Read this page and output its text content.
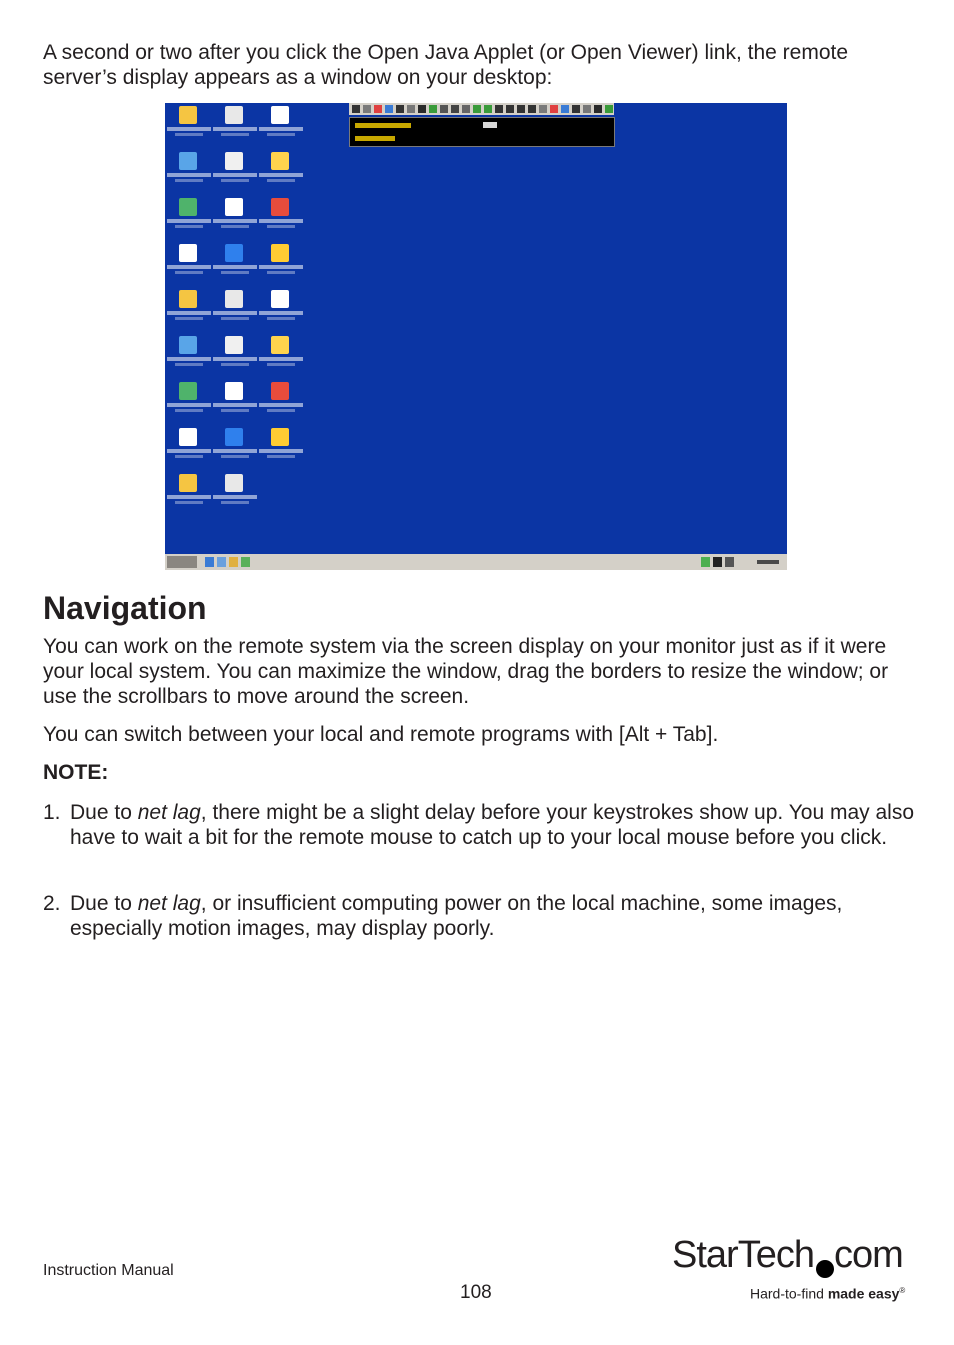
A second or two after you click the Open Java Applet (or Open Viewer) link, the remote server’s display appears as a window on your desktop:

Navigation

You can work on the remote system via the screen display on your monitor just as if it were your local system. You can maximize the window, drag the borders to resize the window; or use the scrollbars to move around the screen.

You can switch between your local and remote programs with [Alt + Tab].

NOTE:

1. Due to net lag, there might be a slight delay before your keystrokes show up. You may also have to wait a bit for the remote mouse to catch up to your local mouse before you click.
2. Due to net lag, or insufficient computing power on the local machine, some images, especially motion images, may display poorly.
Instruction Manual
108
StarTech com
Hard-to-find made easy®
